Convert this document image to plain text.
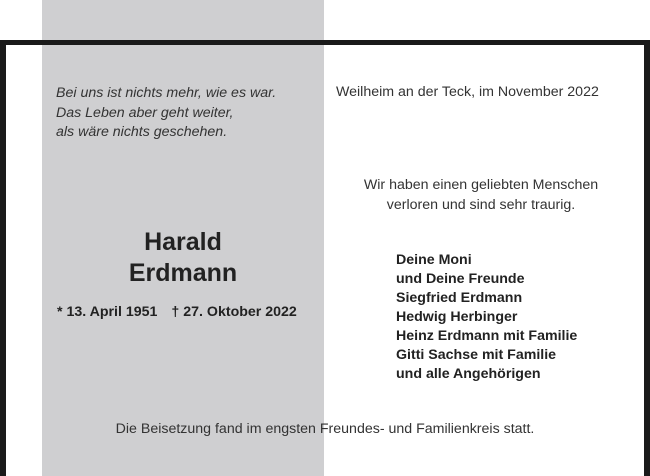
Bei uns ist nichts mehr, wie es war.
Das Leben aber geht weiter,
als wäre nichts geschehen.

Harald
Erdmann
* 13. April 1951 † 27. Oktober 2022
Weilheim an der Teck, im November 2022
Wir haben einen geliebten Menschen
verloren und sind sehr traurig.
Deine Moni
und Deine Freunde
Siegfried Erdmann
Hedwig Herbinger
Heinz Erdmann mit Familie
Gitti Sachse mit Familie
und alle Angehörigen
Die Beisetzung fand im engsten Freundes- und Familienkreis statt.
